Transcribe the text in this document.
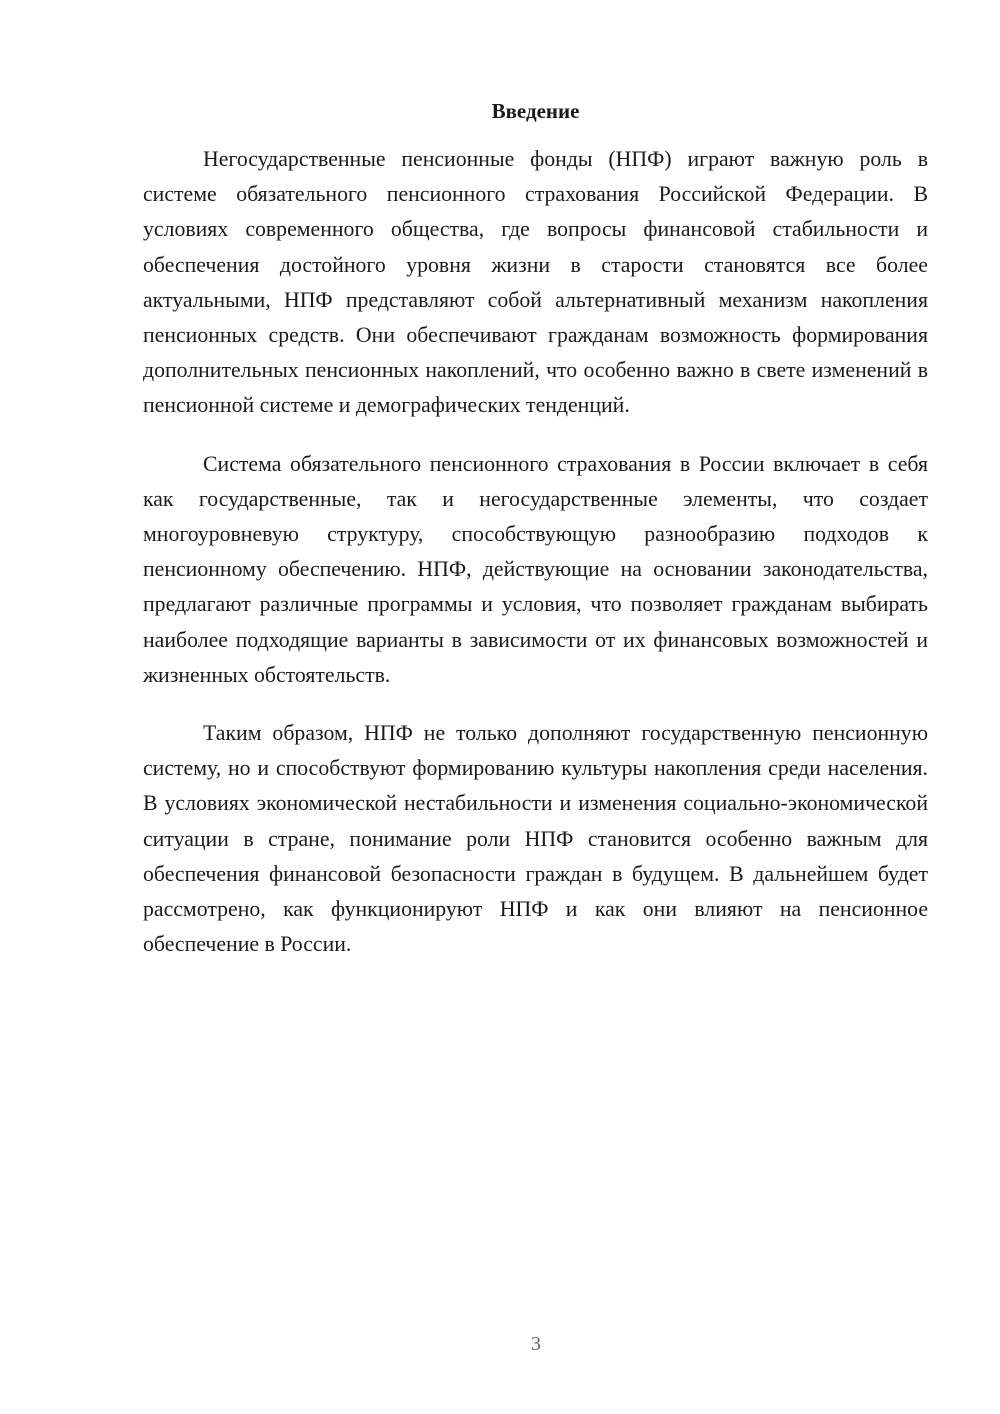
Введение

Негосударственные пенсионные фонды (НПФ) играют важную роль в системе обязательного пенсионного страхования Российской Федерации. В условиях современного общества, где вопросы финансовой стабильности и обеспечения достойного уровня жизни в старости становятся все более актуальными, НПФ представляют собой альтернативный механизм накопления пенсионных средств. Они обеспечивают гражданам возможность формирования дополнительных пенсионных накоплений, что особенно важно в свете изменений в пенсионной системе и демографических тенденций.

Система обязательного пенсионного страхования в России включает в себя как государственные, так и негосударственные элементы, что создает многоуровневую структуру, способствующую разнообразию подходов к пенсионному обеспечению. НПФ, действующие на основании законодательства, предлагают различные программы и условия, что позволяет гражданам выбирать наиболее подходящие варианты в зависимости от их финансовых возможностей и жизненных обстоятельств.

Таким образом, НПФ не только дополняют государственную пенсионную систему, но и способствуют формированию культуры накопления среди населения. В условиях экономической нестабильности и изменения социально-экономической ситуации в стране, понимание роли НПФ становится особенно важным для обеспечения финансовой безопасности граждан в будущем. В дальнейшем будет рассмотрено, как функционируют НПФ и как они влияют на пенсионное обеспечение в России.

3
